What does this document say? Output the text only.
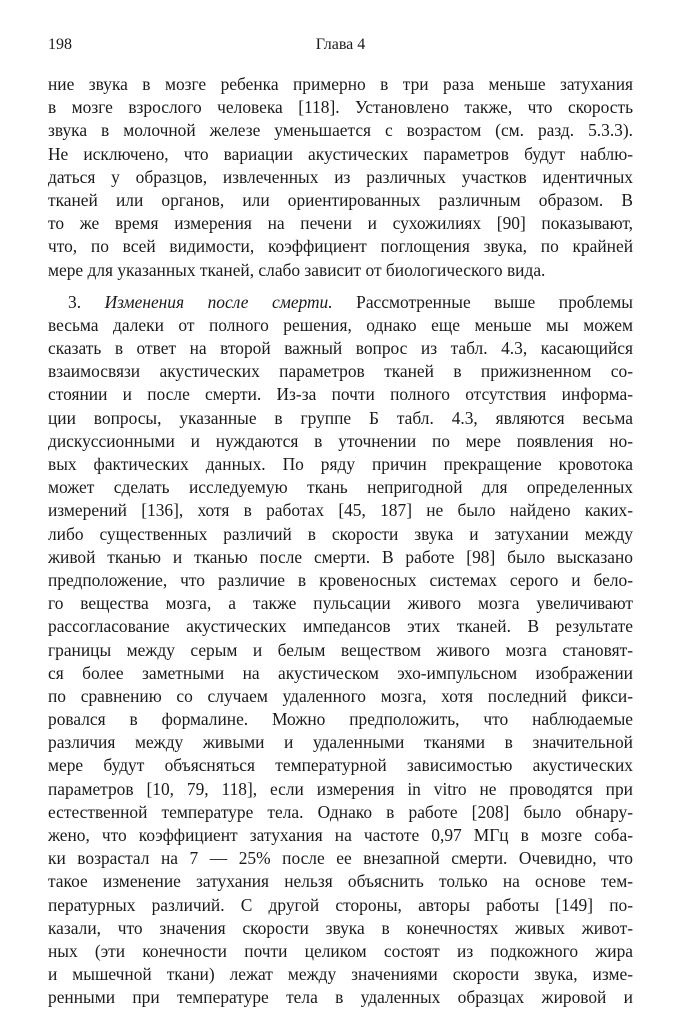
198	Глава 4
ние звука в мозге ребенка примерно в три раза меньше затухания
в мозге взрослого человека [118]. Установлено также, что скорость
звука в молочной железе уменьшается с возрастом (см. разд. 5.3.3).
Не исключено, что вариации акустических параметров будут наблю-
даться у образцов, извлеченных из различных участков идентичных
тканей или органов, или ориентированных различным образом. В
то же время измерения на печени и сухожилиях [90] показывают,
что, по всей видимости, коэффициент поглощения звука, по крайней
мере для указанных тканей, слабо зависит от биологического вида.
3. Изменения после смерти. Рассмотренные выше проблемы
весьма далеки от полного решения, однако еще меньше мы можем
сказать в ответ на второй важный вопрос из табл. 4.3, касающийся
взаимосвязи акустических параметров тканей в прижизненном со-
стоянии и после смерти. Из-за почти полного отсутствия информа-
ции вопросы, указанные в группе Б табл. 4.3, являются весьма
дискуссионными и нуждаются в уточнении по мере появления но-
вых фактических данных. По ряду причин прекращение кровотока
может сделать исследуемую ткань непригодной для определенных
измерений [136], хотя в работах [45, 187] не было найдено каких-
либо существенных различий в скорости звука и затухании между
живой тканью и тканью после смерти. В работе [98] было высказано
предположение, что различие в кровеносных системах серого и бело-
го вещества мозга, а также пульсации живого мозга увеличивают
рассогласование акустических импедансов этих тканей. В результате
границы между серым и белым веществом живого мозга становят-
ся более заметными на акустическом эхо-импульсном изображении
по сравнению со случаем удаленного мозга, хотя последний фикси-
ровался в формалине. Можно предположить, что наблюдаемые
различия между живыми и удаленными тканями в значительной
мере будут объясняться температурной зависимостью акустических
параметров [10, 79, 118], если измерения in vitro не проводятся при
естественной температуре тела. Однако в работе [208] было обнару-
жено, что коэффициент затухания на частоте 0,97 МГц в мозге соба-
ки возрастал на 7 — 25% после ее внезапной смерти. Очевидно, что
такое изменение затухания нельзя объяснить только на основе тем-
пературных различий. С другой стороны, авторы работы [149] по-
казали, что значения скорости звука в конечностях живых живот-
ных (эти конечности почти целиком состоят из подкожного жира
и мышечной ткани) лежат между значениями скорости звука, изме-
ренными при температуре тела в удаленных образцах жировой и
